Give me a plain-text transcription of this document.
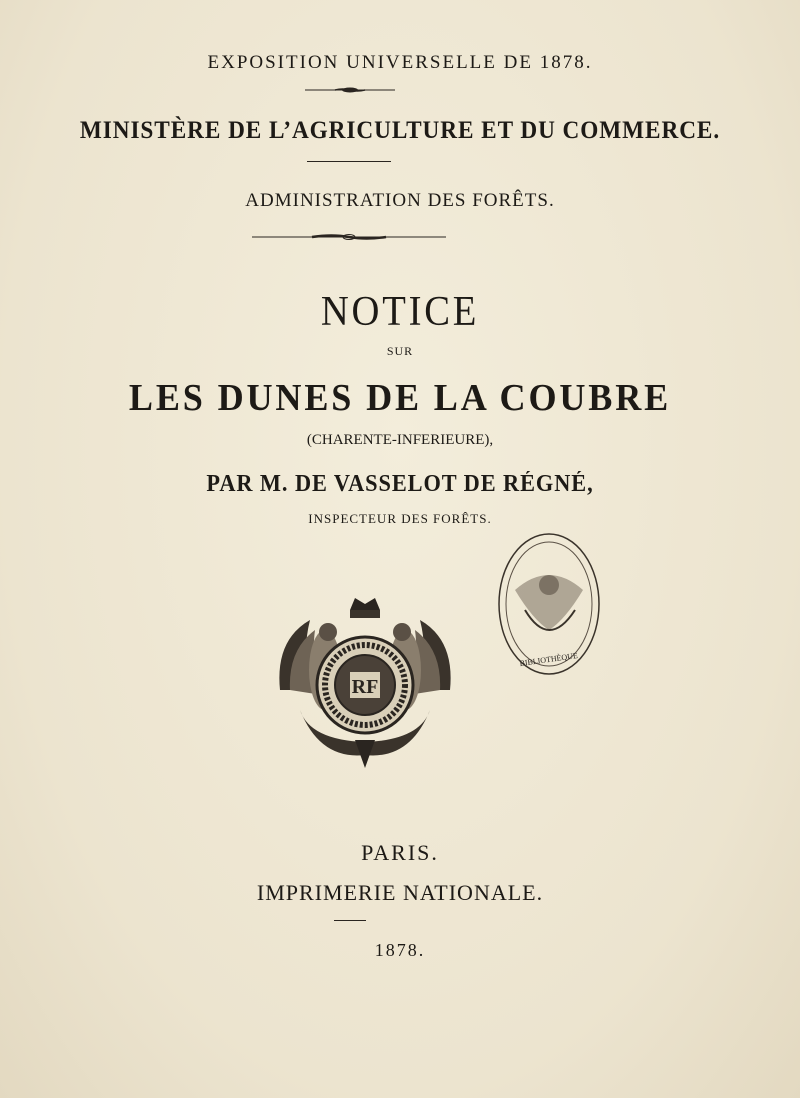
EXPOSITION UNIVERSELLE DE 1878.
MINISTÈRE DE L’AGRICULTURE ET DU COMMERCE.
ADMINISTRATION DES FORÊTS.
NOTICE
SUR
LES DUNES DE LA COUBRE
(CHARENTE-INFERIEURE),
PAR M. DE VASSELOT DE RÉGNÉ,
INSPECTEUR DES FORÊTS.
RF
BIBLIOTHÈQUE
PARIS.
IMPRIMERIE NATIONALE.
1878.
